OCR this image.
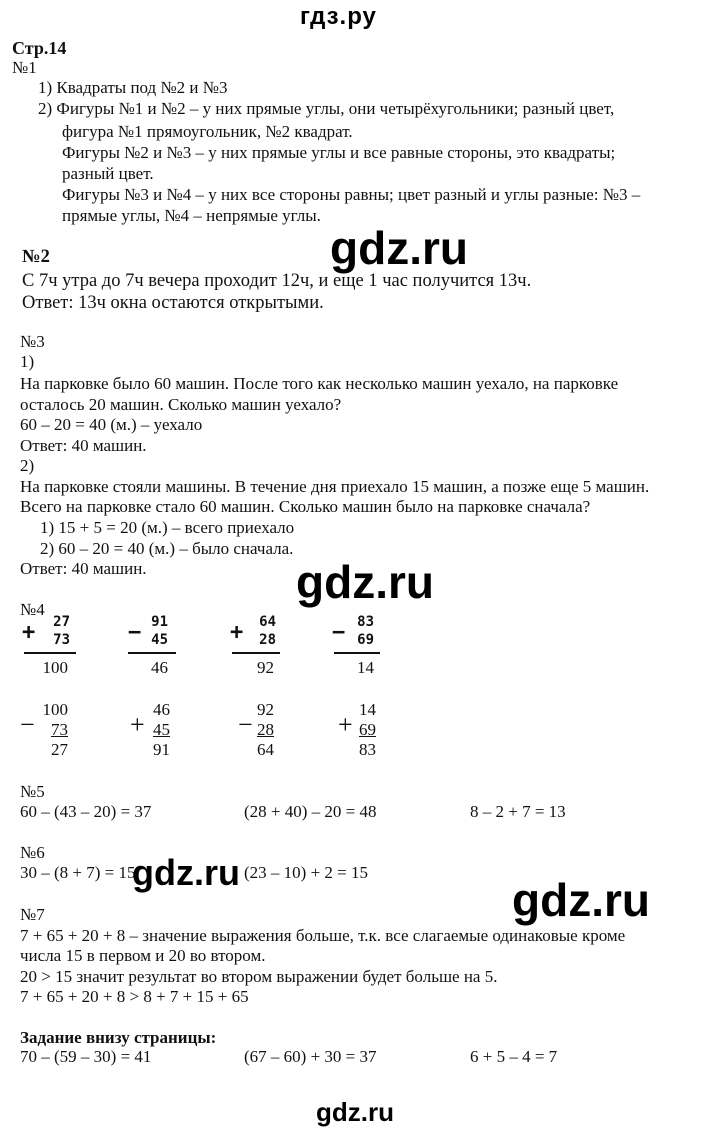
гдз.ру
Стр.14
№1
1) Квадраты под №2 и №3
2) Фигуры №1 и №2 – у них прямые углы, они четырёхугольники; разный цвет,
фигура №1 прямоугольник, №2 квадрат.
Фигуры №2 и №3 – у них прямые углы и все равные стороны, это квадраты;
разный цвет.
Фигуры №3 и №4 – у них все стороны равны; цвет разный и углы разные: №3 –
прямые углы, №4 – непрямые углы.
№2
С 7ч утра до 7ч вечера проходит 12ч, и еще 1 час получится 13ч.
Ответ: 13ч окна остаются открытыми.
№3
1)
На парковке было 60 машин. После того как несколько машин уехало, на парковке
осталось 20 машин. Сколько машин уехало?
60 – 20 = 40 (м.) – уехало
Ответ: 40 машин.
2)
На парковке стояли машины. В течение дня приехало 15 машин, а позже еще 5 машин.
Всего на парковке стало 60 машин. Сколько машин было на парковке сначала?
1) 15 + 5 = 20 (м.) – всего приехало
2) 60 – 20 = 40 (м.) – было сначала.
Ответ: 40 машин.
№4
+	27
73
100
− 91
45
46
+	64
28
92
− 83
69
14
−
100
73
27
+
46
45
91
−
92
28
64
+
14
69
83
№5
60 – (43 – 20) = 37	(28 + 40) – 20 = 48	8 – 2 + 7 = 13
№6
30 – (8 + 7) = 15	(23 – 10) + 2 = 15
№7
7 + 65 + 20 + 8 – значение выражения больше, т.к. все слагаемые одинаковые кроме
числа 15 в первом и 20 во втором.
20 > 15 значит результат во втором выражении будет больше на 5.
7 + 65 + 20 + 8 > 8 + 7 + 15 + 65
Задание внизу страницы:
70 – (59 – 30) = 41	(67 – 60) + 30 = 37	6 + 5 – 4 = 7
gdz.ru
gdz.ru
gdz.ru
gdz.ru
gdz.ru
